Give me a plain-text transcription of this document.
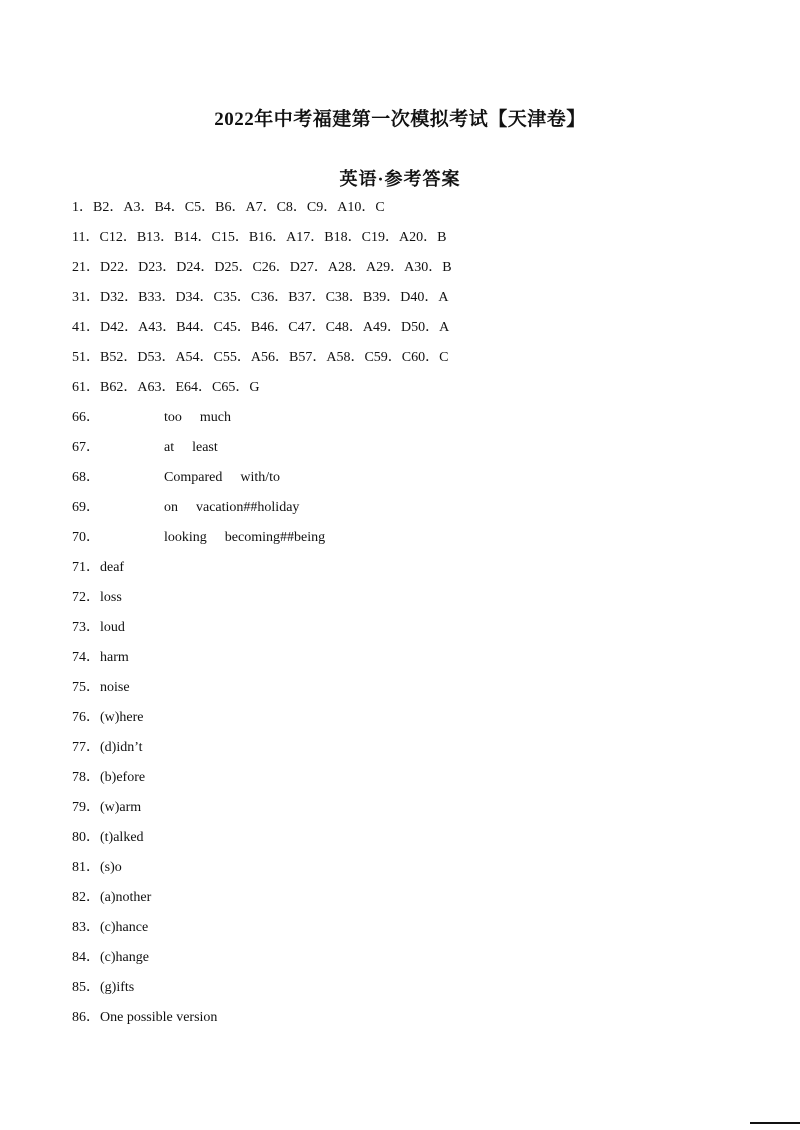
2022年中考福建第一次模拟考试【天津卷】
英语·参考答案
1．B2．A3．B4．C5．B6．A7．C8．C9．A10．C
11．C12．B13．B14．C15．B16．A17．B18．C19．A20．B
21．D22．D23．D24．D25．C26．D27．A28．A29．A30．B
31．D32．B33．D34．C35．C36．B37．C38．B39．D40．A
41．D42．A43．B44．C45．B46．C47．C48．A49．D50．A
51．B52．D53．A54．C55．A56．B57．A58．C59．C60．C
61．B62．A63．E64．C65．G
66．	too much
67．	at least
68．	Compared with/to
69．	on vacation##holiday
70．	looking becoming##being
71．deaf
72．loss
73．loud
74．harm
75．noise
76．(w)here
77．(d)idn’t
78．(b)efore
79．(w)arm
80．(t)alked
81．(s)o
82．(a)nother
83．(c)hance
84．(c)hange
85．(g)ifts
86．One possible version
